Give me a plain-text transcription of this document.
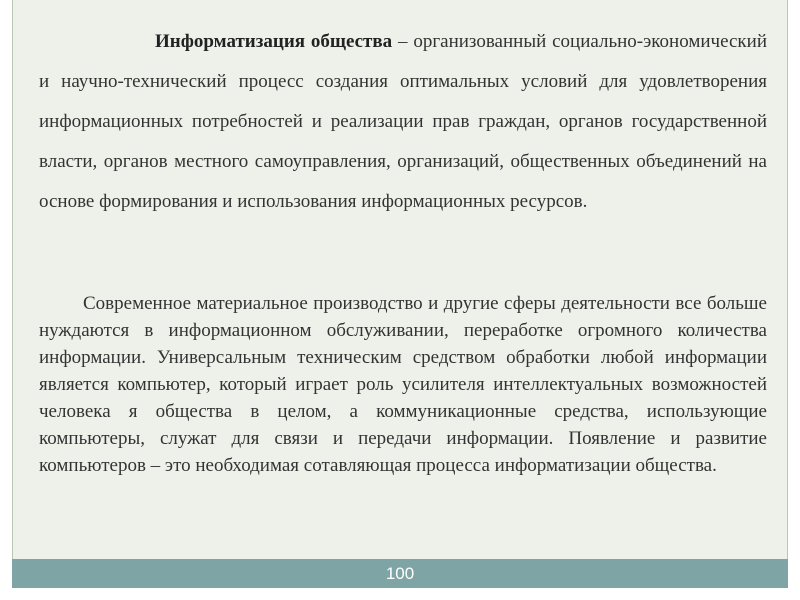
Информатизация общества – организованный социально-экономический и научно-технический процесс создания оптимальных условий для удовлетворения информационных потребностей и реализации прав граждан, органов государственной власти, органов местного самоуправления, организаций, общественных объединений на основе формирования и использования информационных ресурсов.

Современное материальное производство и другие сферы деятельности все больше нуждаются в информационном обслуживании, переработке огромного количества информации. Универсальным техническим средством обработки любой информации является компьютер, который играет роль усилителя интеллектуальных возможностей человека я общества в целом, а коммуникационные средства, использующие компьютеры, служат для связи и передачи информации. Появление и развитие компьютеров – это необходимая сотавляющая процесса информатизации общества.

100
